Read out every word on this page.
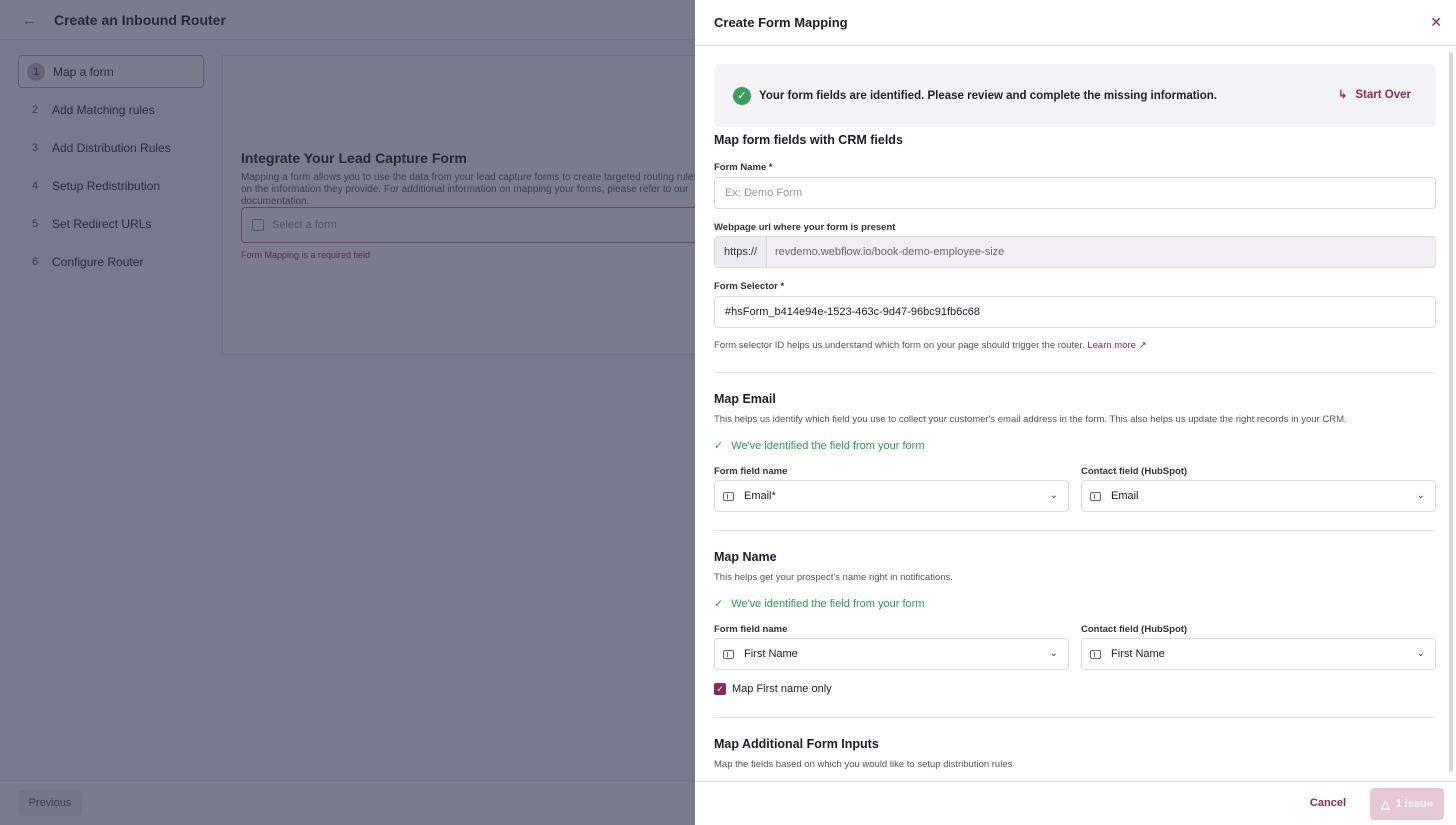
Create Form Mapping	✕
✓	Your form fields are identified. Please review and complete the missing information.	↳ Start Over
Map form fields with CRM fields
Form Name *
Ex: Demo Form
Webpage url where your form is present
https://	revdemo.webflow.io/book-demo-employee-size
Form Selector *
#hsForm_b414e94e-1523-463c-9d47-96bc91fb6c68
Form selector ID helps us understand which form on your page should trigger the router. Learn more ↗
Map Email
This helps us identify which field you use to collect your customer's email address in the form. This also helps us update the right records in your CRM.
✓ We've identified the field from your form
Form field name	Contact field (HubSpot)
Email*	⌄	Email	⌄
Map Name
This helps get your prospect's name right in notifications.
✓ We've identified the field from your form
Form field name	Contact field (HubSpot)
First Name	⌄	First Name	⌄
✓ Map First name only
Map Additional Form Inputs
Map the fields based on which you would like to setup distribution rules
Cancel	△ 1 issue
